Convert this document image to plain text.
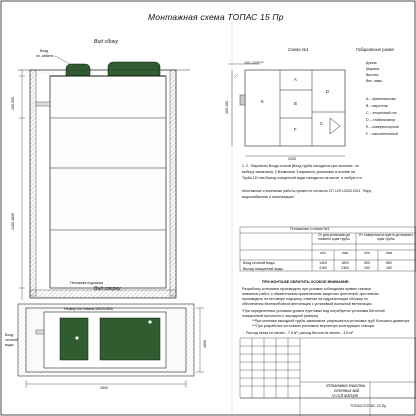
Монтажная схема ТОПАС 15 Пр
Вид сбоку
Вход
эл. кабеля
100-550
1400-1800
Песчаная подсыпка
Размер котлована 2800х1800
Схема №1
100-1200***
100-400
2030
E
A
B
F
D
C
Габаритные разме
Длина
Ширина
Высота
Вес, макс.
A – приемная кам
B – аэротенк;
C – вторичный отс
D – стабилизатор
E – компрессорный
F – накопительный
1, 2 - Варианты Входа стоков (Вход трубы находится при монтаже, по
выбору заказчика); 3 Возможны 3 варианта, указанные в основе на
Труба 110 мм Выход очищенной воды находится на месте, в любую сто
Монтажные и земляные работы провести согласно СП 129.13330.2011 "Нару
водоснабжения и канализации".
Положение к схеме №1
От дна установки до нижнего края трубы
От поверхности грунта до нижнего края трубы
min	max	min	max
Вход сточной воды	1400	1800	550	850
Выход очищенной воды	2150	2360	250	360
ПРИ МОНТАЖЕ ОБРАТИТЬ ОСОБОЕ ВНИМАНИЕ:
Разработку котлована производить при условии соблюдения правил техники
земляных работ, с обязательным применением защитных креплений, при невозм
производить на песчаную подсыпку, отмечая на гидроизоляции обсыпку по
обеспечения бесперебойной вентиляции с установкой вытяжной вентиляции.
*При определенных условиях уровня грунтовых вод потребуется установка бетонной
повышенной прочности с закладной (анкеры).
**При монтаже выходной трубы заказчиком, разрешается установка труб большего диаметра.
***При разработке котлована учитывать вероятную конструкцию станции
Расход песка не менее - 7,5 м³, расход бетона не менее - 3,6 м³.
Вид сверху
Вход
сточной
воды
2800
1800
Установка очистки
сточных вод
V=3,0 м3/сут
ТОПАС/ТОПАС 15 Пр
